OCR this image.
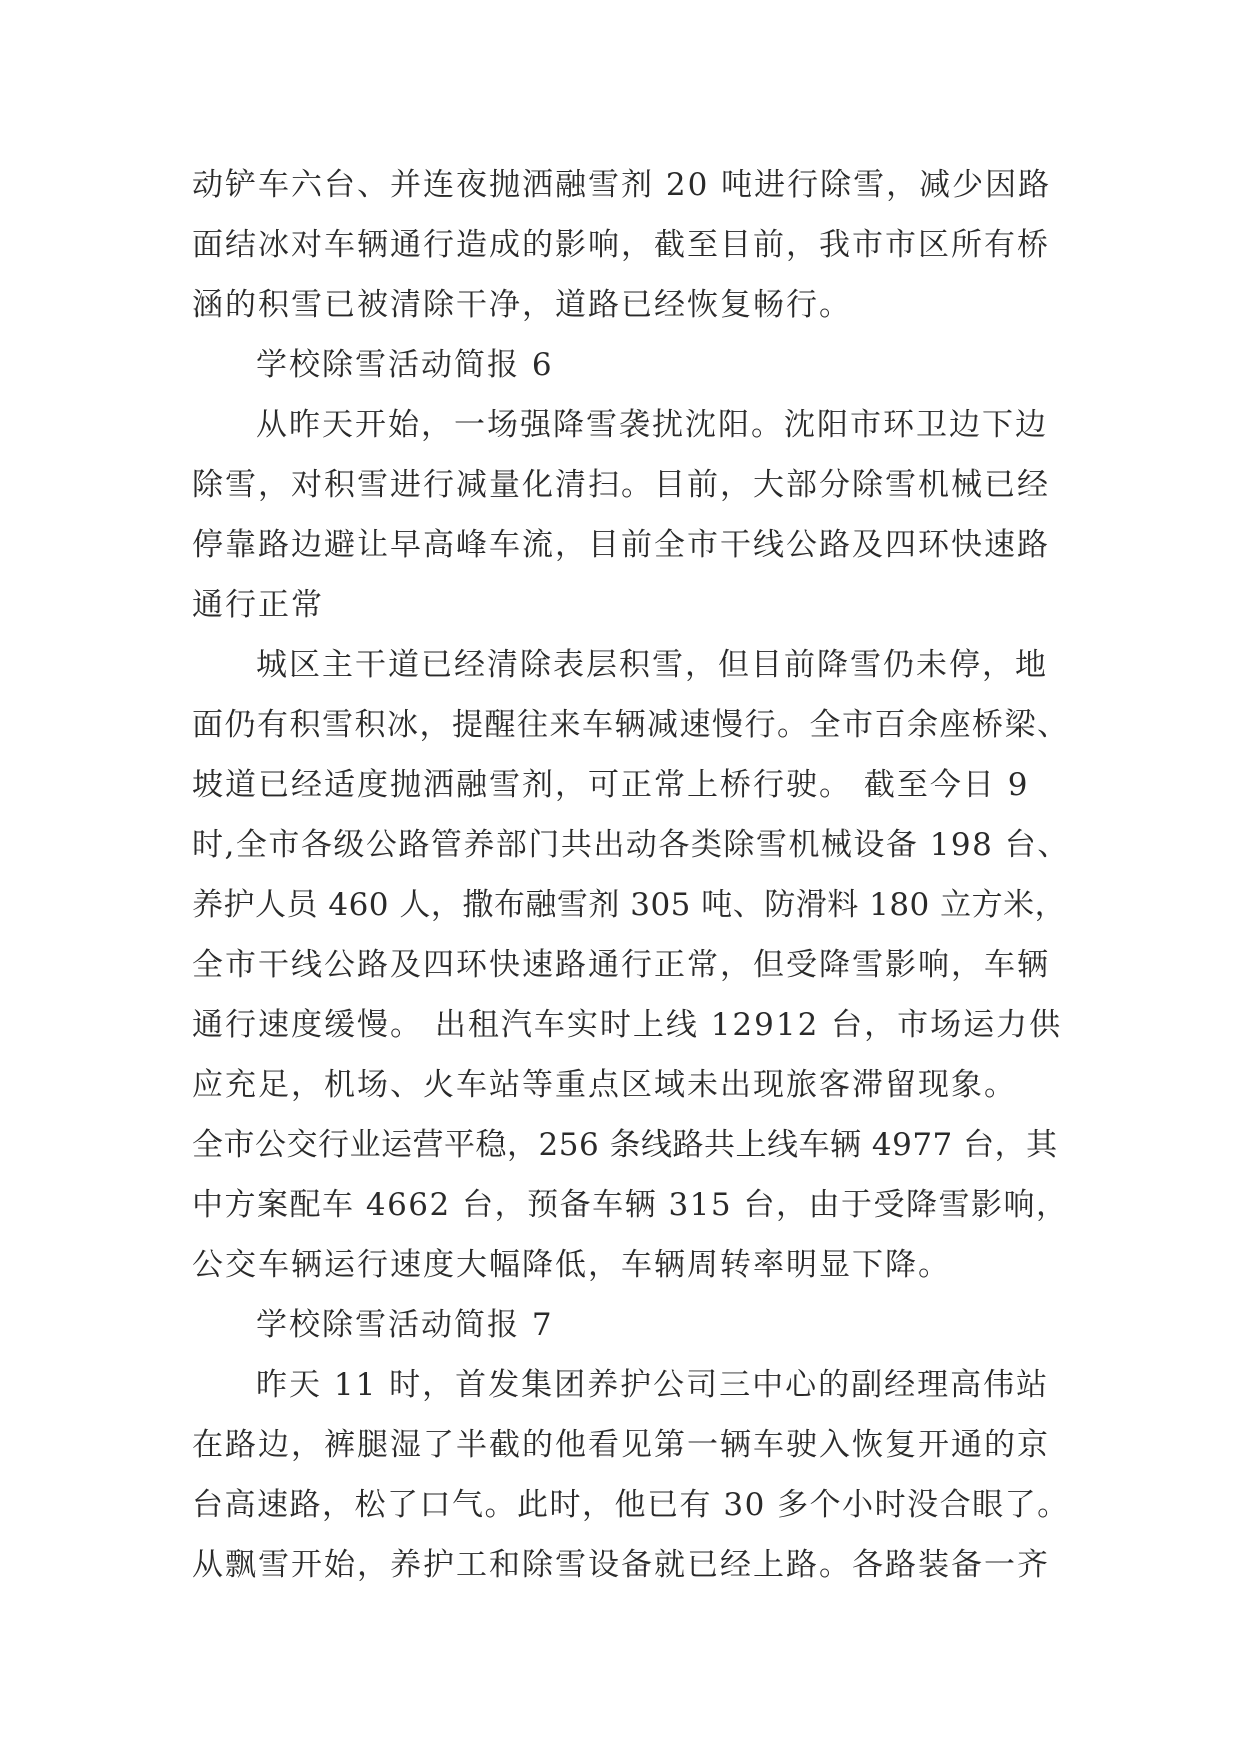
动铲车六台、并连夜抛洒融雪剂 20 吨进行除雪，减少因路
面结冰对车辆通行造成的影响，截至目前，我市市区所有桥
涵的积雪已被清除干净，道路已经恢复畅行。
学校除雪活动简报 6
从昨天开始，一场强降雪袭扰沈阳。沈阳市环卫边下边
除雪，对积雪进行减量化清扫。目前，大部分除雪机械已经
停靠路边避让早高峰车流，目前全市干线公路及四环快速路
通行正常
城区主干道已经清除表层积雪，但目前降雪仍未停，地
面仍有积雪积冰，提醒往来车辆减速慢行。全市百余座桥梁、
坡道已经适度抛洒融雪剂，可正常上桥行驶。 截至今日 9
时,全市各级公路管养部门共出动各类除雪机械设备 198 台、
养护人员 460 人，撒布融雪剂 305 吨、防滑料 180 立方米，
全市干线公路及四环快速路通行正常，但受降雪影响，车辆
通行速度缓慢。 出租汽车实时上线 12912 台，市场运力供
应充足，机场、火车站等重点区域未出现旅客滞留现象。
全市公交行业运营平稳，256 条线路共上线车辆 4977 台，其
中方案配车 4662 台，预备车辆 315 台，由于受降雪影响，
公交车辆运行速度大幅降低，车辆周转率明显下降。
学校除雪活动简报 7
昨天 11 时，首发集团养护公司三中心的副经理高伟站
在路边，裤腿湿了半截的他看见第一辆车驶入恢复开通的京
台高速路，松了口气。此时，他已有 30 多个小时没合眼了。
从飘雪开始，养护工和除雪设备就已经上路。各路装备一齐
